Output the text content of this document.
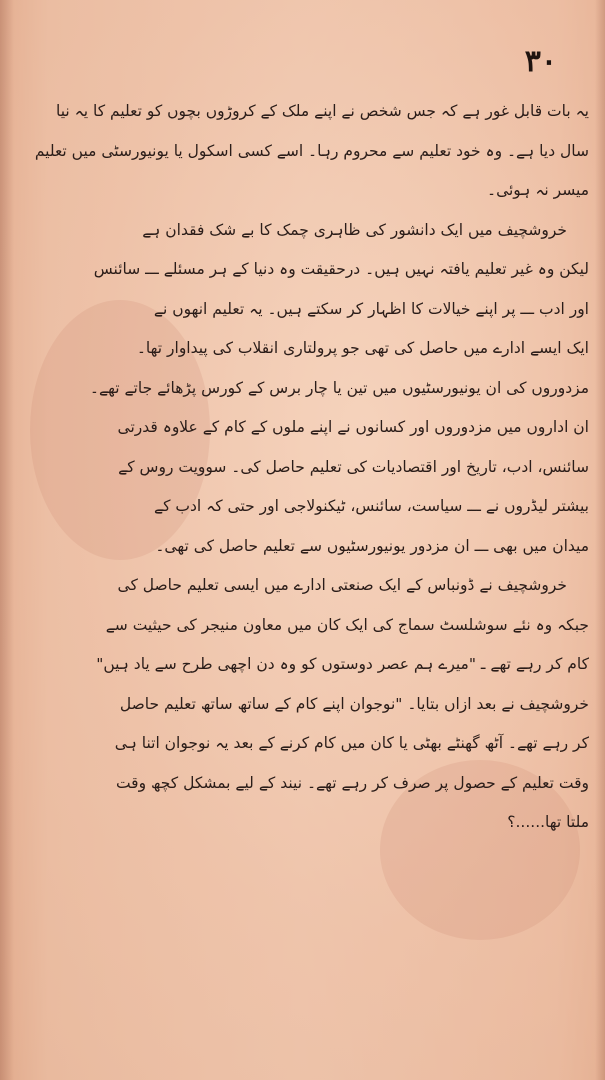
۳۰
یہ بات قابل غور ہے کہ جس شخص نے اپنے ملک کے کروڑوں بچوں کو تعلیم کا یہ نیا
سال دیا ہے۔ وہ خود تعلیم سے محروم رہا۔ اسے کسی اسکول یا یونیورسٹی میں تعلیم
میسر نہ ہوئی۔
خروشچیف میں ایک دانشور کی ظاہری چمک کا بے شک فقدان ہے
لیکن وہ غیر تعلیم یافتہ نہیں ہیں۔ درحقیقت وہ دنیا کے ہر مسئلے ـــ سائنس
اور ادب ـــ پر اپنے خیالات کا اظہار کر سکتے ہیں۔ یہ تعلیم انھوں نے
ایک ایسے ادارے میں حاصل کی تھی جو پرولتاری انقلاب کی پیداوار تھا۔
مزدوروں کی ان یونیورسٹیوں میں تین یا چار برس کے کورس پڑھائے جاتے تھے۔
ان اداروں میں مزدوروں اور کسانوں نے اپنے ملوں کے کام کے علاوہ قدرتی
سائنس، ادب، تاریخ اور اقتصادیات کی تعلیم حاصل کی۔ سوویت روس کے
بیشتر لیڈروں نے ـــ سیاست، سائنس، ٹیکنولاجی اور حتی کہ ادب کے
میدان میں بھی ـــ ان مزدور یونیورسٹیوں سے تعلیم حاصل کی تھی۔
خروشچیف نے ڈونباس کے ایک صنعتی ادارے میں ایسی تعلیم حاصل کی
جبکہ وہ نئے سوشلسٹ سماج کی ایک کان میں معاون منیجر کی حیثیت سے
کام کر رہے تھے ـ "میرے ہم عصر دوستوں کو وہ دن اچھی طرح سے یاد ہیں"
خروشچیف نے بعد ازاں بتایا۔ "نوجوان اپنے کام کے ساتھ ساتھ تعلیم حاصل
کر رہے تھے۔ آٹھ گھنٹے بھٹی یا کان میں کام کرنے کے بعد یہ نوجوان اتنا ہی
وقت تعلیم کے حصول پر صرف کر رہے تھے۔ نیند کے لیے بمشکل کچھ وقت
ملتا تھا......؟
